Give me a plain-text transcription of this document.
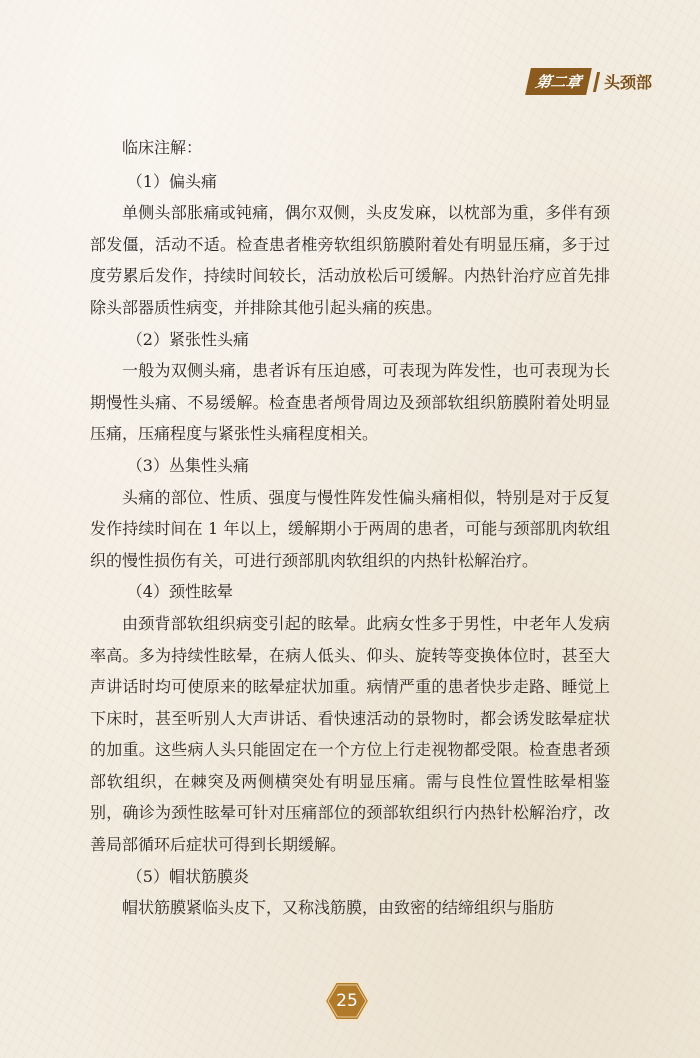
第二章	头颈部

临床注解：

（1）偏头痛

单侧头部胀痛或钝痛，偶尔双侧，头皮发麻，以枕部为重，多伴有颈部发僵，活动不适。检查患者椎旁软组织筋膜附着处有明显压痛，多于过度劳累后发作，持续时间较长，活动放松后可缓解。内热针治疗应首先排除头部器质性病变，并排除其他引起头痛的疾患。

（2）紧张性头痛

一般为双侧头痛，患者诉有压迫感，可表现为阵发性，也可表现为长期慢性头痛、不易缓解。检查患者颅骨周边及颈部软组织筋膜附着处明显压痛，压痛程度与紧张性头痛程度相关。

（3）丛集性头痛

头痛的部位、性质、强度与慢性阵发性偏头痛相似，特别是对于反复发作持续时间在 1 年以上，缓解期小于两周的患者，可能与颈部肌肉软组织的慢性损伤有关，可进行颈部肌肉软组织的内热针松解治疗。

（4）颈性眩晕

由颈背部软组织病变引起的眩晕。此病女性多于男性，中老年人发病率高。多为持续性眩晕，在病人低头、仰头、旋转等变换体位时，甚至大声讲话时均可使原来的眩晕症状加重。病情严重的患者快步走路、睡觉上下床时，甚至听别人大声讲话、看快速活动的景物时，都会诱发眩晕症状的加重。这些病人头只能固定在一个方位上行走视物都受限。检查患者颈部软组织，在棘突及两侧横突处有明显压痛。需与良性位置性眩晕相鉴别，确诊为颈性眩晕可针对压痛部位的颈部软组织行内热针松解治疗，改善局部循环后症状可得到长期缓解。

（5）帽状筋膜炎

帽状筋膜紧临头皮下，又称浅筋膜，由致密的结缔组织与脂肪

25
